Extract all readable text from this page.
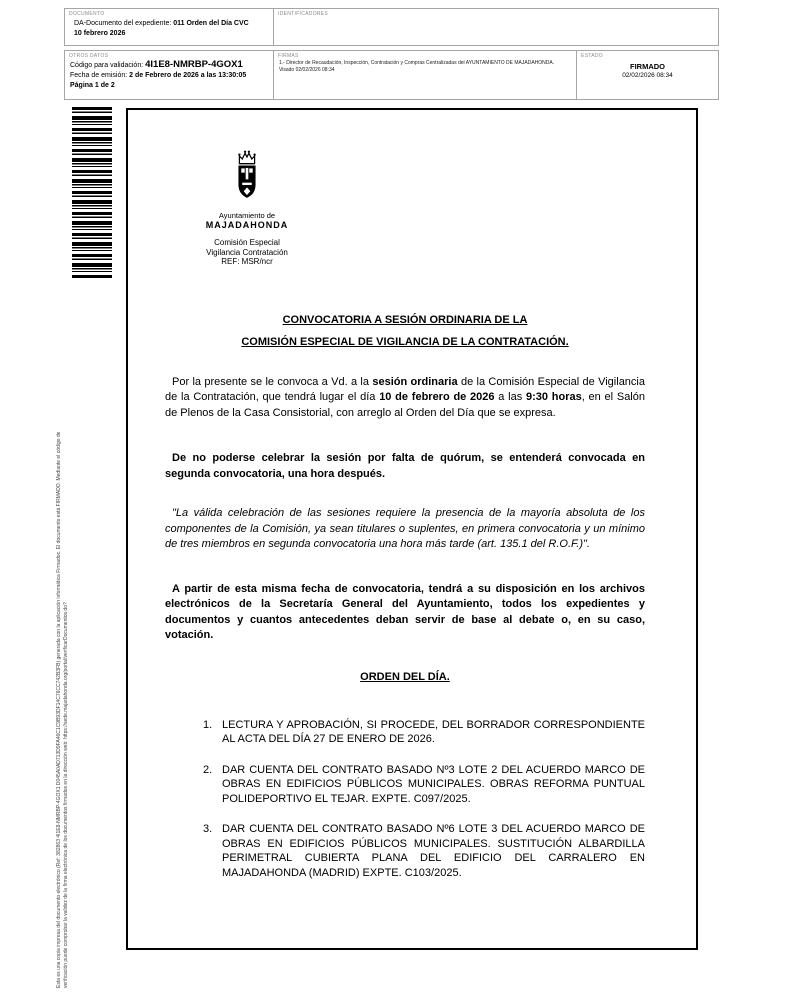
DOCUMENTO
DA-Documento del expediente: 011 Orden del Día CVC 10 febrero 2026
IDENTIFICADORES
OTROS DATOS
Código para validación: 4I1E8-NMRBP-4GOX1
Fecha de emisión: 2 de Febrero de 2026 a las 13:30:05
Página 1 de 2
FIRMAS
1.- Director de Recaudación, Inspección, Contratación y Compras Centralizadas del AYUNTAMIENTO DE MAJADAHONDA. Visado 02/02/2026 08:34
ESTADO
FIRMADO
02/02/2026 08:34
Esta es una copia impresa del documento electrónico (Ref: 382863 4I1E8-NMRBP-4GOX1 D045A0AD713D9FA46C1C9B93DF14C76CC742B3FB) generada con la aplicación informática Firmadoc. El documento está FIRMADO. Mediante el código de verificación puede comprobar la validez de la firma electrónica de los documentos firmados en la dirección web: https://sede.majadahonda.org/portal/verificarDocumentos.do?
Ayuntamiento de
MAJADAHONDA
Comisión Especial
Vigilancia Contratación
REF: MSR/ncr
CONVOCATORIA A SESIÓN ORDINARIA DE LA
COMISIÓN ESPECIAL DE VIGILANCIA DE LA CONTRATACIÓN.

Por la presente se le convoca a Vd. a la sesión ordinaria de la Comisión Especial de Vigilancia de la Contratación, que tendrá lugar el día 10 de febrero de 2026 a las 9:30 horas, en el Salón de Plenos de la Casa Consistorial, con arreglo al Orden del Día que se expresa.

De no poderse celebrar la sesión por falta de quórum, se entenderá convocada en segunda convocatoria, una hora después.

"La válida celebración de las sesiones requiere la presencia de la mayoría absoluta de los componentes de la Comisión, ya sean titulares o suplentes, en primera convocatoria y un mínimo de tres miembros en segunda convocatoria una hora más tarde (art. 135.1 del R.O.F.)".

A partir de esta misma fecha de convocatoria, tendrá a su disposición en los archivos electrónicos de la Secretaría General del Ayuntamiento, todos los expedientes y documentos y cuantos antecedentes deban servir de base al debate o, en su caso, votación.

ORDEN DEL DÍA.
1. LECTURA Y APROBACIÓN, SI PROCEDE, DEL BORRADOR CORRESPONDIENTE AL ACTA DEL DÍA 27 DE ENERO DE 2026.
2. DAR CUENTA DEL CONTRATO BASADO Nº3 LOTE 2 DEL ACUERDO MARCO DE OBRAS EN EDIFICIOS PÚBLICOS MUNICIPALES. OBRAS REFORMA PUNTUAL POLIDEPORTIVO EL TEJAR. EXPTE. C097/2025.
3. DAR CUENTA DEL CONTRATO BASADO Nº6 LOTE 3 DEL ACUERDO MARCO DE OBRAS EN EDIFICIOS PÚBLICOS MUNICIPALES. SUSTITUCIÓN ALBARDILLA PERIMETRAL CUBIERTA PLANA DEL EDIFICIO DEL CARRALERO EN MAJADAHONDA (MADRID) EXPTE. C103/2025.
